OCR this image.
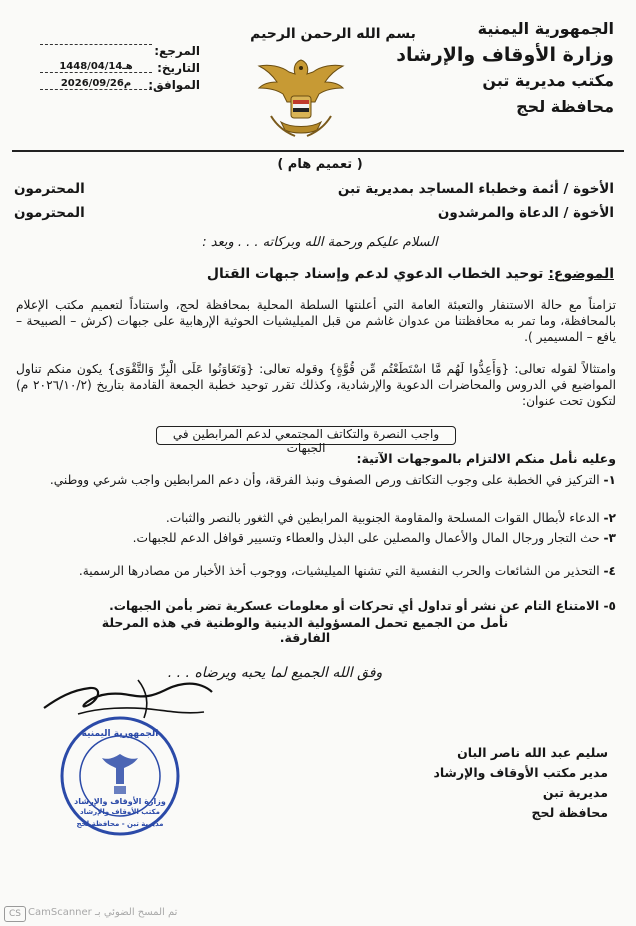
الجمهورية اليمنية
وزارة الأوقاف والإرشاد
مكتب مديرية تبن
محافظة لحج
بسم الله الرحمن الرحيم
المرجع:
التاريخ:
1448/04/14هـ
الموافق:
2026/09/26م
( تعميم هام )
الأخوة / أئمة وخطباء المساجد بمديرية تبن
المحترمون
الأخوة / الدعاة والمرشدون
المحترمون
السلام عليكم ورحمة الله وبركاته . . . وبعد :
الموضوع: توحيد الخطاب الدعوي لدعم وإسناد جبهات القتال
تزامناً مع حالة الاستنفار والتعبئة العامة التي أعلنتها السلطة المحلية بمحافظة لحج، واستناداً لتعميم مكتب الإعلام بالمحافظة، وما تمر به محافظتنا من عدوان غاشم من قبل الميليشيات الحوثية الإرهابية على جبهات (كرش – الصبيحة – يافع – المسيمير ).
وامتثالاً لقوله تعالى: {وَأَعِدُّوا لَهُم مَّا اسْتَطَعْتُم مِّن قُوَّةٍ} وقوله تعالى: {وَتَعَاوَنُوا عَلَى الْبِرِّ وَالتَّقْوَى} يكون منكم تناول المواضيع في الدروس والمحاضرات الدعوية والإرشادية، وكذلك تقرر توحيد خطبة الجمعة القادمة بتاريخ (٢٠٢٦/١٠/٢ م) لتكون تحت عنوان:
واجب النصرة والتكاتف المجتمعي لدعم المرابطين في الجبهات
وعليه نأمل منكم الالتزام بالموجهات الآتية:
١- التركيز في الخطبة على وجوب التكاتف ورص الصفوف ونبذ الفرقة، وأن دعم المرابطين واجب شرعي ووطني.
٢- الدعاء لأبطال القوات المسلحة والمقاومة الجنوبية المرابطين في الثغور بالنصر والثبات.
٣- حث التجار ورجال المال والأعمال والمصلين على البذل والعطاء وتسيير قوافل الدعم للجبهات.
٤- التحذير من الشائعات والحرب النفسية التي تشنها الميليشيات، ووجوب أخذ الأخبار من مصادرها الرسمية.
٥- الامتناع التام عن نشر أو تداول أي تحركات أو معلومات عسكرية تضر بأمن الجبهات.
نأمل من الجميع تحمل المسؤولية الدينية والوطنية في هذه المرحلة الفارقة.
وفق الله الجميع لما يحبه ويرضاه . . .
سليم عبد الله ناصر البان
مدير مكتب الأوقاف والإرشاد
مديرية تبن
محافظة لحج
الجمهورية اليمنية
وزارة الأوقاف والإرشاد
مكتب الأوقاف والإرشاد
مديرية تبن - محافظة لحج
CS تم المسح الضوئي بـ CamScanner
